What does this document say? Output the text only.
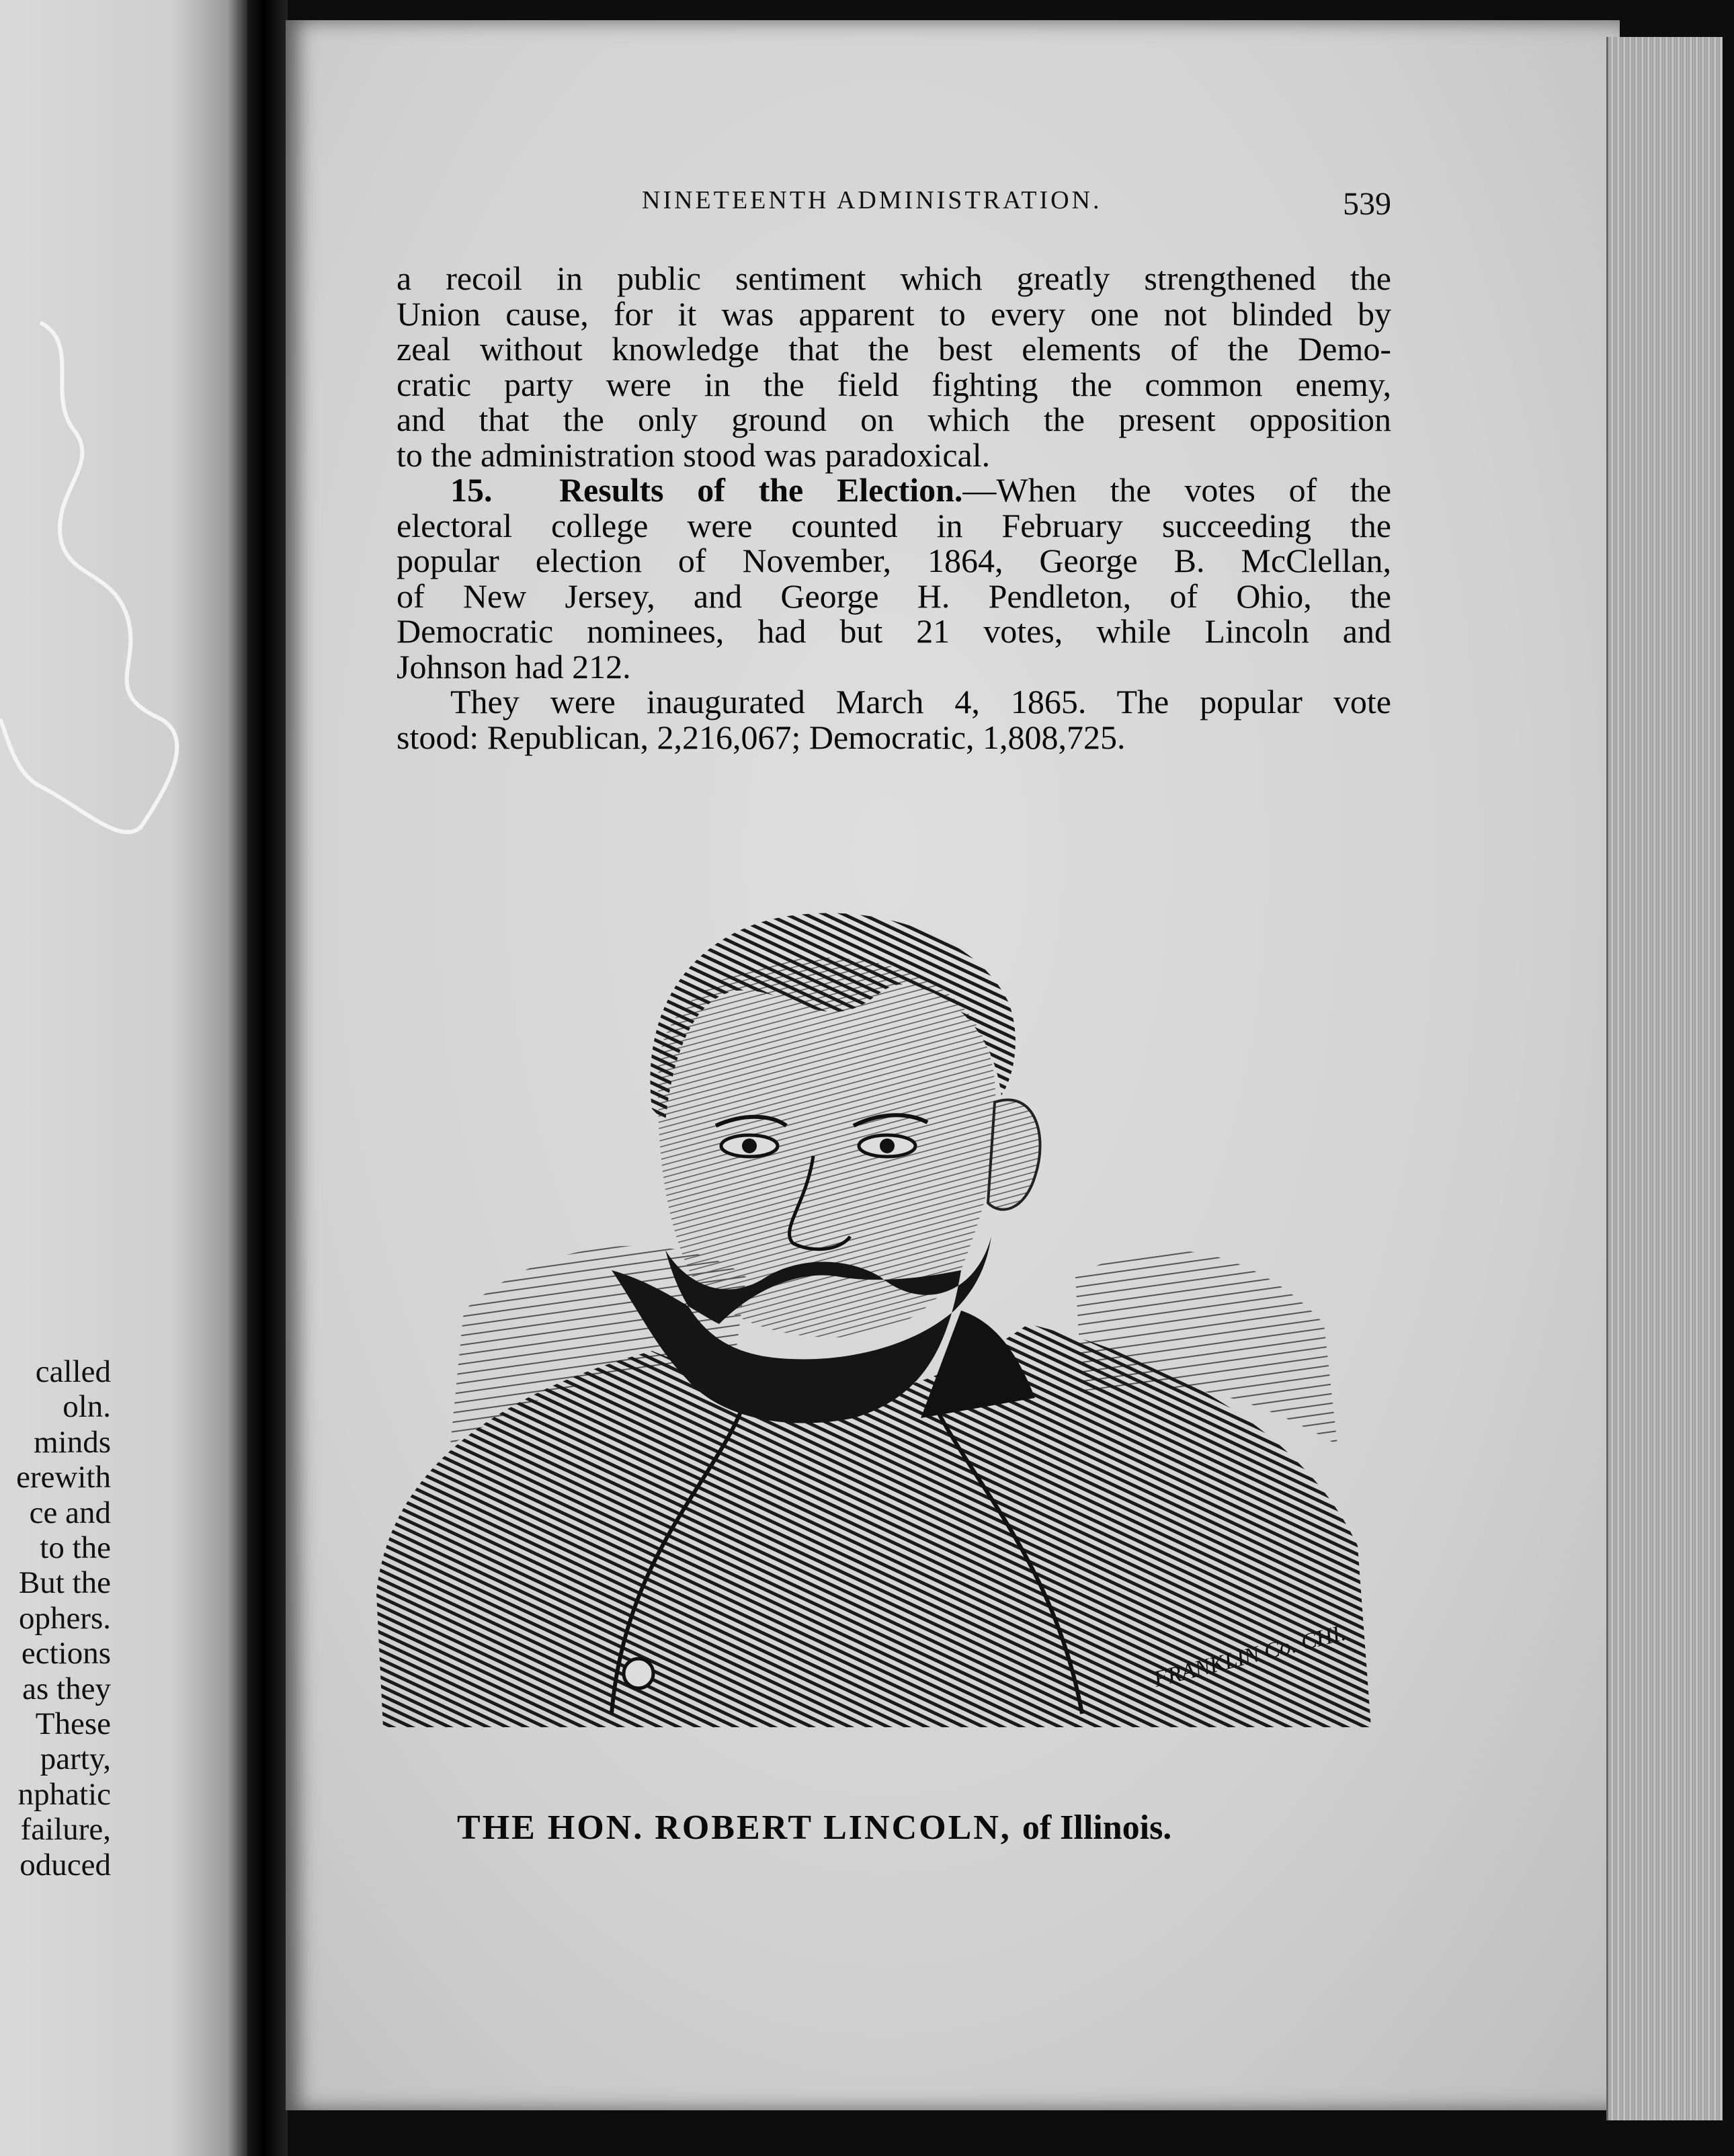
called
oln.
minds
erewith
ce and
to the
But the
ophers.
ections
as they
These
party,
nphatic
failure,
oduced
NINETEENTH ADMINISTRATION.	539
a recoil in public sentiment which greatly strengthened the
Union cause, for it was apparent to every one not blinded by
zeal without knowledge that the best elements of the Demo-
cratic party were in the field fighting the common enemy,
and that the only ground on which the present opposition
to the administration stood was paradoxical.
15. Results of the Election.—When the votes of the
electoral college were counted in February succeeding the
popular election of November, 1864, George B. McClellan,
of New Jersey, and George H. Pendleton, of Ohio, the
Democratic nominees, had but 21 votes, while Lincoln and
Johnson had 212.
They were inaugurated March 4, 1865. The popular vote
stood: Republican, 2,216,067; Democratic, 1,808,725.
FRANKLIN Co. CHI.
THE HON. ROBERT LINCOLN, of Illinois.
